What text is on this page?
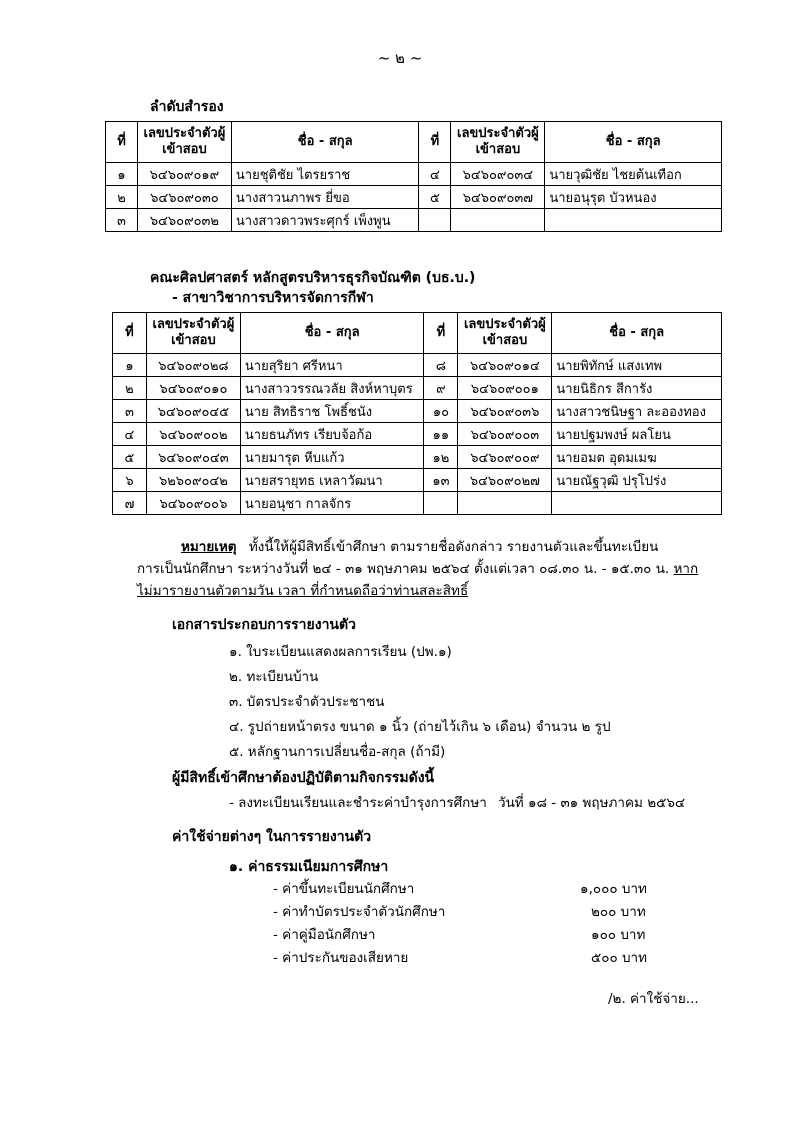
~ ๒ ~
ลำดับสำรอง
ที่	เลขประจำตัวผู้เข้าสอบ	ชื่อ - สกุล	ที่	เลขประจำตัวผู้เข้าสอบ	ชื่อ - สกุล
๑	๖๔๖๐๙๐๑๙	นายชุติชัย ไตรยราช	๔	๖๔๖๐๙๐๓๔	นายวุฒิชัย ไชยต้นเทือก
๒	๖๔๖๐๙๐๓๐	นางสาวนภาพร ยี่ขอ	๕	๖๔๖๐๙๐๓๗	นายอนุรุต บัวหนอง
๓	๖๔๖๐๙๐๓๒	นางสาวดาวพระศุกร์ เพ็งพูน			
คณะศิลปศาสตร์ หลักสูตรบริหารธุรกิจบัณฑิต (บธ.บ.)
- สาขาวิชาการบริหารจัดการกีฬา
ที่	เลขประจำตัวผู้เข้าสอบ	ชื่อ - สกุล	ที่	เลขประจำตัวผู้เข้าสอบ	ชื่อ - สกุล
๑	๖๔๖๐๙๐๒๘	นายสุริยา ศรีหนา	๘	๖๔๖๐๙๐๑๔	นายพิทักษ์ แสงเทพ
๒	๖๔๖๐๙๐๑๐	นางสาววรรณวลัย สิงห์หาบุตร	๙	๖๔๖๐๙๐๐๑	นายนิธิกร สีการัง
๓	๖๔๖๐๙๐๔๕	นาย สิทธิราช โพธิ์ชนัง	๑๐	๖๔๖๐๙๐๓๖	นางสาวชนิษฐา ละอองทอง
๔	๖๔๖๐๙๐๐๒	นายธนภัทร เรียบจ้อก้อ	๑๑	๖๔๖๐๙๐๐๓	นายปฐมพงษ์ ผลโยน
๕	๖๔๖๐๙๐๔๓	นายมารุต หีบแก้ว	๑๒	๖๔๖๐๙๐๐๙	นายอมต อุดมเมฆ
๖	๖๒๖๐๙๐๔๒	นายสรายุทธ เหลาวัฒนา	๑๓	๖๔๖๐๙๐๒๗	นายณัฐวุฒิ ปรุโปร่ง
๗	๖๔๖๐๙๐๐๖	นายอนุชา กาลจักร			
หมายเหตุ ทั้งนี้ให้ผู้มีสิทธิ์เข้าศึกษา ตามรายชื่อดังกล่าว รายงานตัวและขึ้นทะเบียน
การเป็นนักศึกษา ระหว่างวันที่ ๒๔ - ๓๑ พฤษภาคม ๒๕๖๔ ตั้งแต่เวลา ๐๘.๓๐ น. - ๑๕.๓๐ น. หาก
ไม่มารายงานตัวตามวัน เวลา ที่กำหนดถือว่าท่านสละสิทธิ์
เอกสารประกอบการรายงานตัว
๑. ใบระเบียนแสดงผลการเรียน (ปพ.๑)
๒. ทะเบียนบ้าน
๓. บัตรประจำตัวประชาชน
๔. รูปถ่ายหน้าตรง ขนาด ๑ นิ้ว (ถ่ายไว้เกิน ๖ เดือน) จำนวน ๒ รูป
๕. หลักฐานการเปลี่ยนชื่อ-สกุล (ถ้ามี)
ผู้มีสิทธิ์เข้าศึกษาต้องปฏิบัติตามกิจกรรมดังนี้
- ลงทะเบียนเรียนและชำระค่าบำรุงการศึกษา วันที่ ๑๘ - ๓๑ พฤษภาคม ๒๕๖๔
ค่าใช้จ่ายต่างๆ ในการรายงานตัว
๑. ค่าธรรมเนียมการศึกษา
- ค่าขึ้นทะเบียนนักศึกษา	๑,๐๐๐ บาท
- ค่าทำบัตรประจำตัวนักศึกษา	๒๐๐ บาท
- ค่าคู่มือนักศึกษา	๑๐๐ บาท
- ค่าประกันของเสียหาย	๕๐๐ บาท
/๒. ค่าใช้จ่าย...
